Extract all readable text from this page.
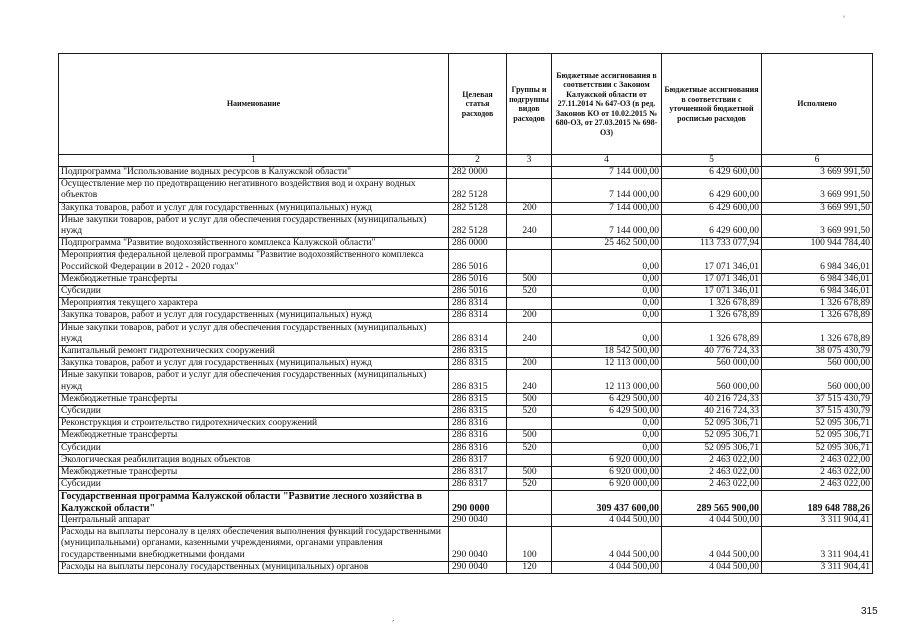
‘
Наименование	Целевая статья расходов	Группы и подгруппы видов расходов	Бюджетные ассигнования в соответствии с Законом Калужской области от 27.11.2014 № 647-ОЗ (в ред. Законов КО от 10.02.2015 № 680-ОЗ, от 27.03.2015 № 698-ОЗ)	Бюджетные ассигнования в соответствии с уточненной бюджетной росписью расходов	Исполнено
1	2	3	4	5	6
Подпрограмма "Использование водных ресурсов в Калужской области"	282 0000		7 144 000,00	6 429 600,00	3 669 991,50
Осуществление мер по предотвращению негативного воздействия вод и охрану водных объектов	282 5128		7 144 000,00	6 429 600,00	3 669 991,50
Закупка товаров, работ и услуг для государственных (муниципальных) нужд	282 5128	200	7 144 000,00	6 429 600,00	3 669 991,50
Иные закупки товаров, работ и услуг для обеспечения государственных (муниципальных) нужд	282 5128	240	7 144 000,00	6 429 600,00	3 669 991,50
Подпрограмма "Развитие водохозяйственного комплекса Калужской области"	286 0000		25 462 500,00	113 733 077,94	100 944 784,40
Мероприятия федеральной целевой программы "Развитие водохозяйственного комплекса Российской Федерации в 2012 - 2020 годах"	286 5016		0,00	17 071 346,01	6 984 346,01
Межбюджетные трансферты	286 5016	500	0,00	17 071 346,01	6 984 346,01
Субсидии	286 5016	520	0,00	17 071 346,01	6 984 346,01
Мероприятия текущего характера	286 8314		0,00	1 326 678,89	1 326 678,89
Закупка товаров, работ и услуг для государственных (муниципальных) нужд	286 8314	200	0,00	1 326 678,89	1 326 678,89
Иные закупки товаров, работ и услуг для обеспечения государственных (муниципальных) нужд	286 8314	240	0,00	1 326 678,89	1 326 678,89
Капитальный ремонт гидротехнических сооружений	286 8315		18 542 500,00	40 776 724,33	38 075 430,79
Закупка товаров, работ и услуг для государственных (муниципальных) нужд	286 8315	200	12 113 000,00	560 000,00	560 000,00
Иные закупки товаров, работ и услуг для обеспечения государственных (муниципальных) нужд	286 8315	240	12 113 000,00	560 000,00	560 000,00
Межбюджетные трансферты	286 8315	500	6 429 500,00	40 216 724,33	37 515 430,79
Субсидии	286 8315	520	6 429 500,00	40 216 724,33	37 515 430,79
Реконструкция и строительство гидротехнических сооружений	286 8316		0,00	52 095 306,71	52 095 306,71
Межбюджетные трансферты	286 8316	500	0,00	52 095 306,71	52 095 306,71
Субсидии	286 8316	520	0,00	52 095 306,71	52 095 306,71
Экологическая реабилитация водных объектов	286 8317		6 920 000,00	2 463 022,00	2 463 022,00
Межбюджетные трансферты	286 8317	500	6 920 000,00	2 463 022,00	2 463 022,00
Субсидии	286 8317	520	6 920 000,00	2 463 022,00	2 463 022,00
Государственная программа Калужской области "Развитие лесного хозяйства в Калужской области"	290 0000		309 437 600,00	289 565 900,00	189 648 788,26
Центральный аппарат	290 0040		4 044 500,00	4 044 500,00	3 311 904,41
Расходы на выплаты персоналу в целях обеспечения выполнения функций государственными (муниципальными) органами, казенными учреждениями, органами управления государственными внебюджетными фондами	290 0040	100	4 044 500,00	4 044 500,00	3 311 904,41
Расходы на выплаты персоналу государственных (муниципальных) органов	290 0040	120	4 044 500,00	4 044 500,00	3 311 904,41
´
315
